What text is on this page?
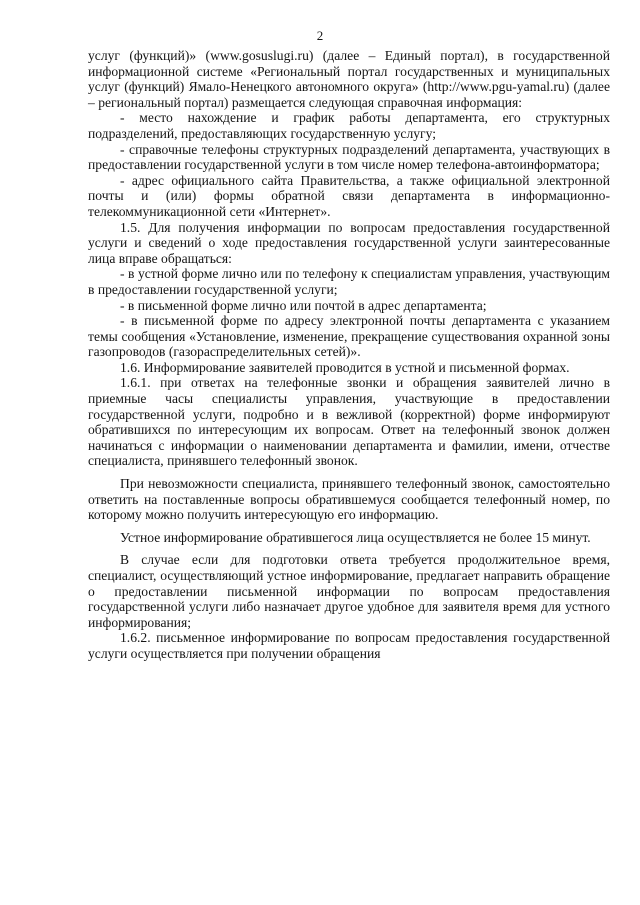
2

услуг (функций)» (www.gosuslugi.ru) (далее – Единый портал), в государственной информационной системе «Региональный портал государственных и муниципальных услуг (функций) Ямало-Ненецкого автономного округа» (http://www.pgu-yamal.ru) (далее – региональный портал) размещается следующая справочная информация:

- место нахождение и график работы департамента, его структурных подразделений, предоставляющих государственную услугу;

- справочные телефоны структурных подразделений департамента, участвующих в предоставлении государственной услуги в том числе номер телефона-автоинформатора;

- адрес официального сайта Правительства, а также официальной электронной почты и (или) формы обратной связи департамента в информационно-телекоммуникационной сети «Интернет».

1.5. Для получения информации по вопросам предоставления государственной услуги и сведений о ходе предоставления государственной услуги заинтересованные лица вправе обращаться:

- в устной форме лично или по телефону к специалистам управления, участвующим в предоставлении государственной услуги;

- в письменной форме лично или почтой в адрес департамента;

- в письменной форме по адресу электронной почты департамента с указанием темы сообщения «Установление, изменение, прекращение существования охранной зоны газопроводов (газораспределительных сетей)».

1.6. Информирование заявителей проводится в устной и письменной формах.

1.6.1. при ответах на телефонные звонки и обращения заявителей лично в приемные часы специалисты управления, участвующие в предоставлении государственной услуги, подробно и в вежливой (корректной) форме информируют обратившихся по интересующим их вопросам. Ответ на телефонный звонок должен начинаться с информации о наименовании департамента и фамилии, имени, отчестве специалиста, принявшего телефонный звонок.

При невозможности специалиста, принявшего телефонный звонок, самостоятельно ответить на поставленные вопросы обратившемуся сообщается телефонный номер, по которому можно получить интересующую его информацию.

Устное информирование обратившегося лица осуществляется не более 15 минут.

В случае если для подготовки ответа требуется продолжительное время, специалист, осуществляющий устное информирование, предлагает направить обращение о предоставлении письменной информации по вопросам предоставления государственной услуги либо назначает другое удобное для заявителя время для устного информирования;

1.6.2. письменное информирование по вопросам предоставления государственной услуги осуществляется при получении обращения
